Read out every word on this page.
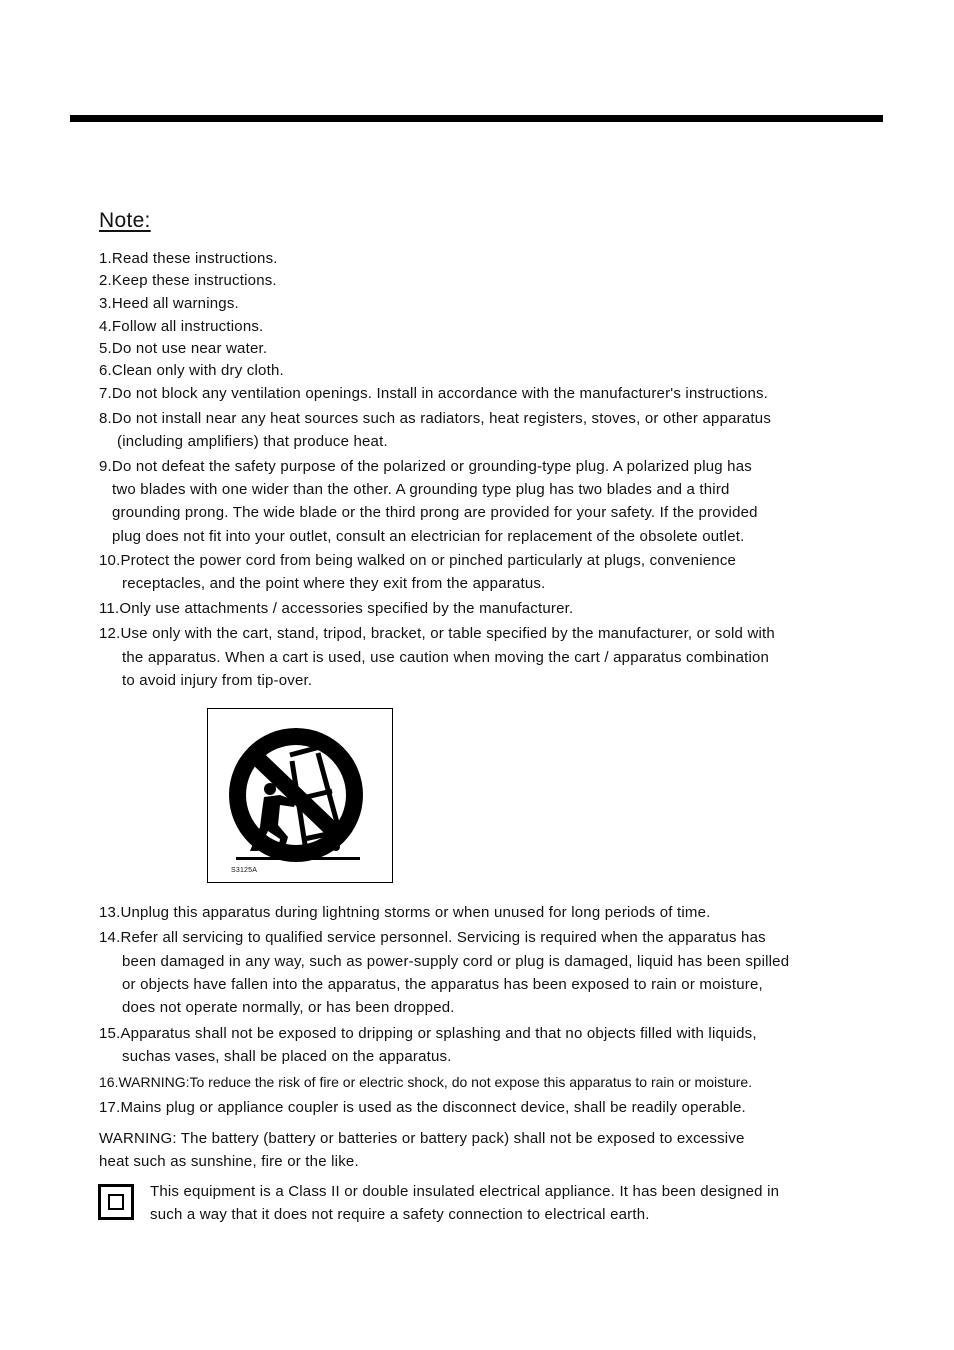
Note:
1.Read these instructions.
2.Keep these instructions.
3.Heed all warnings.
4.Follow all instructions.
5.Do not use near water.
6.Clean only with dry cloth.
7.Do not block any ventilation openings. Install in accordance with the manufacturer's instructions.
8.Do not install near any heat sources such as radiators, heat registers, stoves, or other apparatus
(including amplifiers) that produce heat.
9.Do not defeat the safety purpose of the polarized or grounding-type plug. A polarized plug has
two blades with one wider than the other. A grounding type plug has two blades and a third
grounding prong. The wide blade or the third prong are provided for your safety. If the provided
plug does not fit into your outlet, consult an electrician for replacement of the obsolete outlet.
10.Protect the power cord from being walked on or pinched particularly at plugs, convenience
receptacles, and the point where they exit from the apparatus.
11.Only use attachments / accessories specified by the manufacturer.
12.Use only with the cart, stand, tripod, bracket, or table specified by the manufacturer, or sold with
the apparatus. When a cart is used, use caution when moving the cart / apparatus combination
to avoid injury from tip-over.
S3125A
13.Unplug this apparatus during lightning storms or when unused for long periods of time.
14.Refer all servicing to qualified service personnel. Servicing is required when the apparatus has
been damaged in any way, such as power-supply cord or plug is damaged, liquid has been spilled
or objects have fallen into the apparatus, the apparatus has been exposed to rain or moisture,
does not operate normally, or has been dropped.
15.Apparatus shall not be exposed to dripping or splashing and that no objects filled with liquids,
suchas vases, shall be placed on the apparatus.
16.WARNING:To reduce the risk of fire or electric shock, do not expose this apparatus to rain or moisture.
17.Mains plug or appliance coupler is used as the disconnect device, shall be readily operable.
WARNING: The battery (battery or batteries or battery pack) shall not be exposed to excessive
heat such as sunshine, fire or the like.
This equipment is a Class II or double insulated electrical appliance. It has been designed in
such a way that it does not require a safety connection to electrical earth.
